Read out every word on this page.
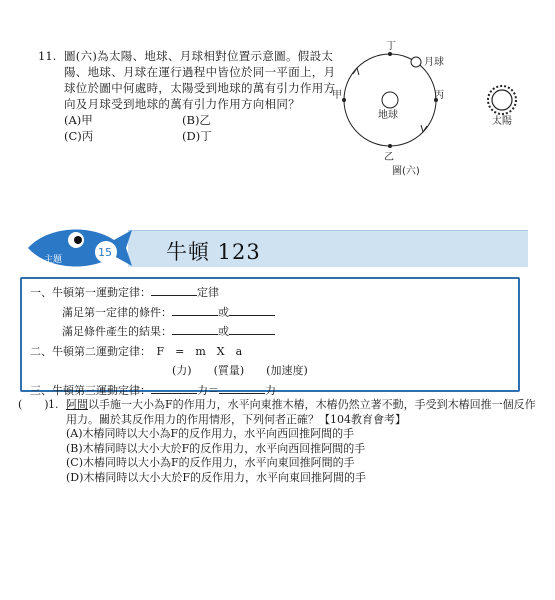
11. 圖(六)為太陽、地球、月球相對位置示意圖。假設太陽、地球、月球在運行過程中皆位於同一平面上，月球位於圖中何處時，太陽受到地球的萬有引力作用方向及月球受到地球的萬有引力作用方向相同？
(A)甲	(B)乙
(C)丙	(D)丁
丁
月球
甲	丙
地球
乙
太陽
圖(六)
主題
15	牛頓 123
一、牛頓第一運動定律：	定律
滿足第一定律的條件：	或
滿足條件產生的結果：	或
二、牛頓第二運動定律：　 F　=　m　X　a
(力)　　(質量)　　(加速度)
三、牛頓第三運動定律：	力＝	力
(　　) 1. 阿間以手施一大小為F的作用力，水平向東推木樁，木樁仍然立著不動，手受到木樁回推一個反作用力。關於其反作用力的作用情形，下列何者正確？【104教育會考】
(A)木樁同時以大小為F的反作用力，水平向西回推阿間的手
(B)木樁同時以大小大於F的反作用力，水平向西回推阿間的手
(C)木樁同時以大小為F的反作用力，水平向東回推阿間的手
(D)木樁同時以大小大於F的反作用力，水平向東回推阿間的手
